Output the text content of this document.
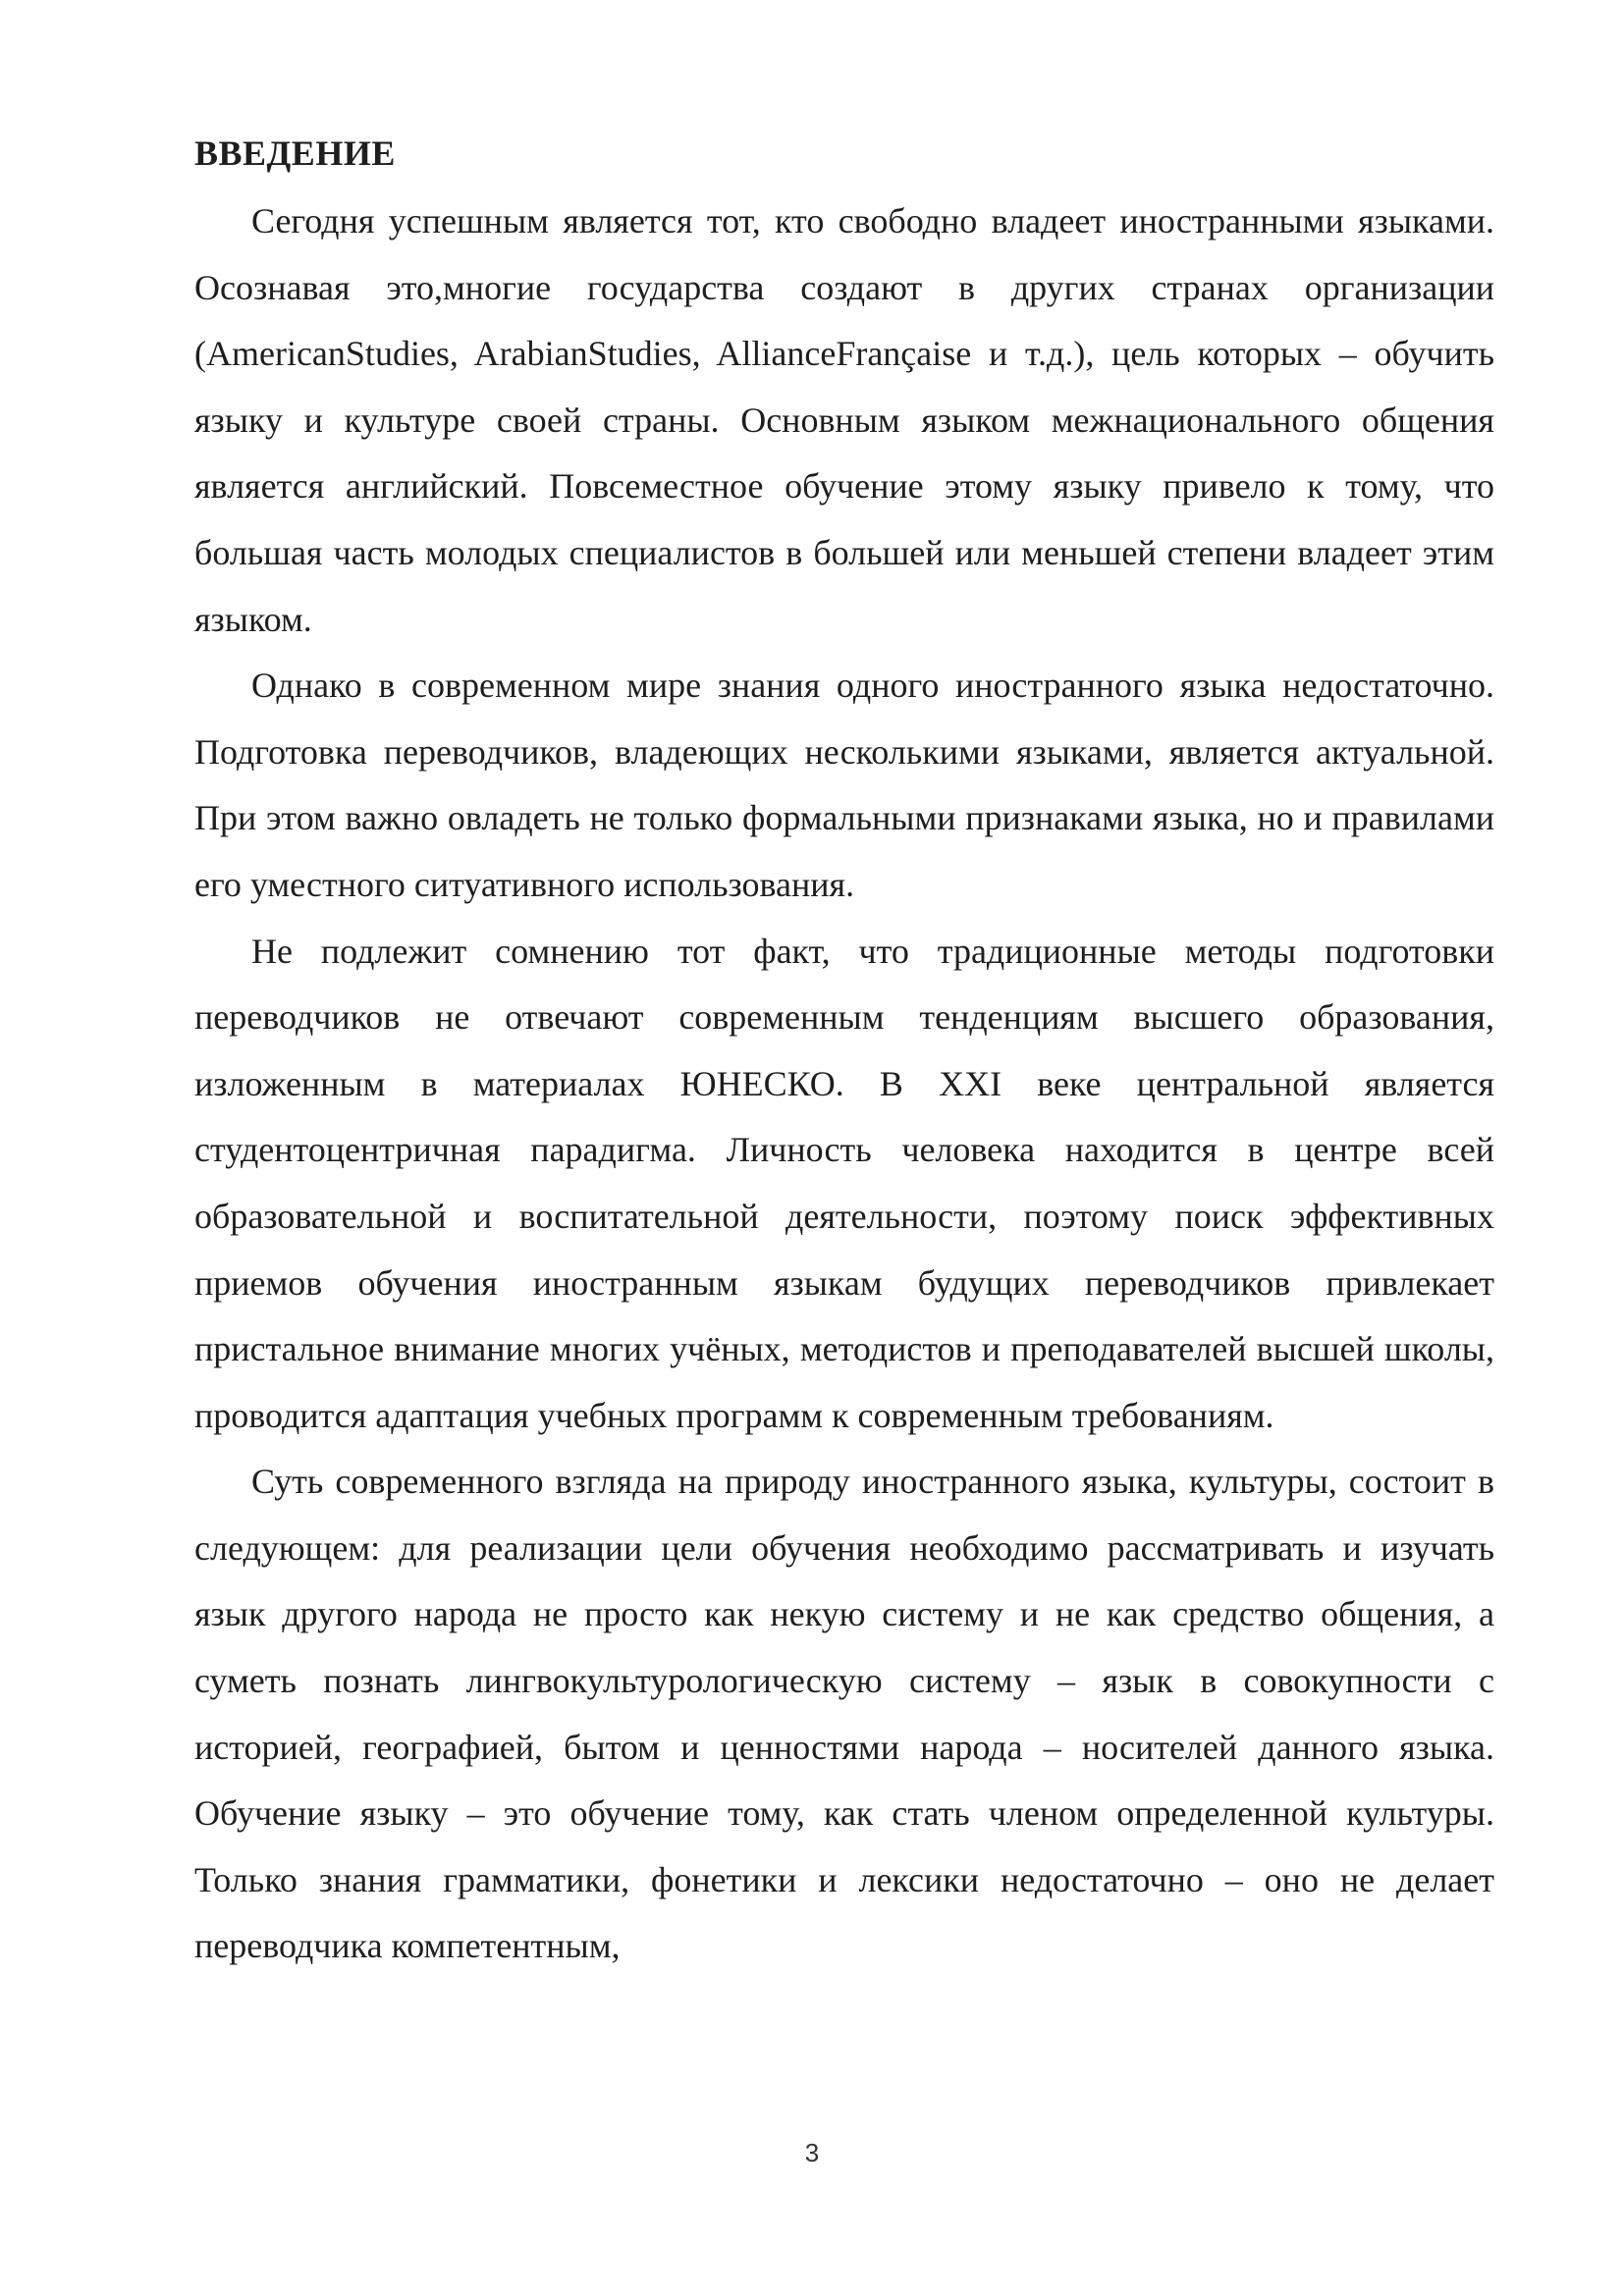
ВВЕДЕНИЕ

Сегодня успешным является тот, кто свободно владеет иностранными языками. Осознавая это,многие государства создают в других странах организации (AmericanStudies, ArabianStudies, AllianceFrançaise и т.д.), цель которых – обучить языку и культуре своей страны. Основным языком межнационального общения является английский. Повсеместное обучение этому языку привело к тому, что большая часть молодых специалистов в большей или меньшей степени владеет этим языком.

Однако в современном мире знания одного иностранного языка недостаточно. Подготовка переводчиков, владеющих несколькими языками, является актуальной. При этом важно овладеть не только формальными признаками языка, но и правилами его уместного ситуативного использования.

Не подлежит сомнению тот факт, что традиционные методы подготовки переводчиков не отвечают современным тенденциям высшего образования, изложенным в материалах ЮНЕСКО. В XXI веке центральной является студентоцентричная парадигма. Личность человека находится в центре всей образовательной и воспитательной деятельности, поэтому поиск эффективных приемов обучения иностранным языкам будущих переводчиков привлекает пристальное внимание многих учёных, методистов и преподавателей высшей школы, проводится адаптация учебных программ к современным требованиям.

Суть современного взгляда на природу иностранного языка, культуры, состоит в следующем: для реализации цели обучения необходимо рассматривать и изучать язык другого народа не просто как некую систему и не как средство общения, а суметь познать лингвокультурологическую систему – язык в совокупности с историей, географией, бытом и ценностями народа – носителей данного языка. Обучение языку – это обучение тому, как стать членом определенной культуры. Только знания грамматики, фонетики и лексики недостаточно – оно не делает переводчика компетентным,

3
